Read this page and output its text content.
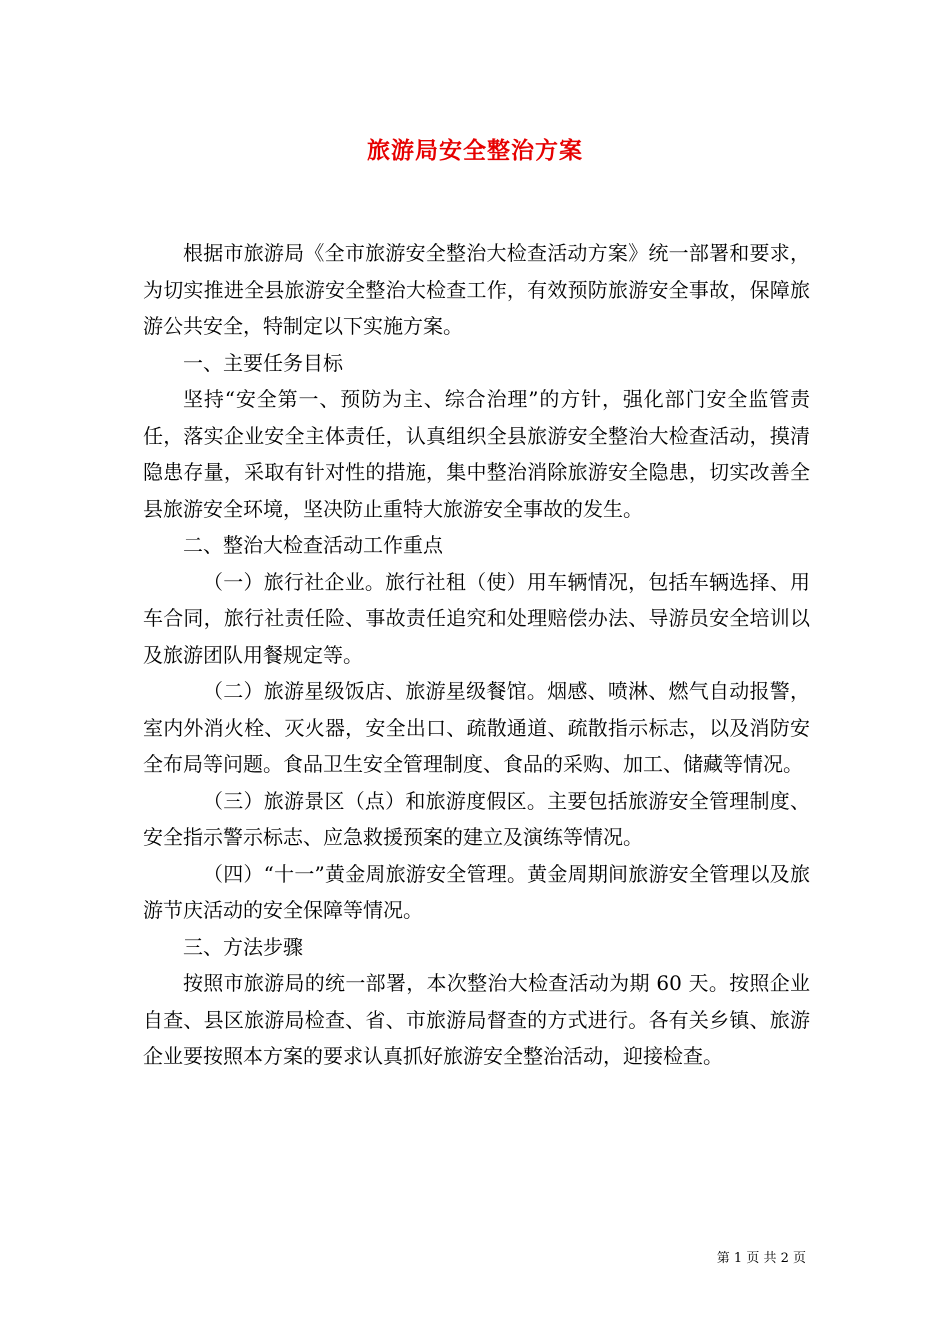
旅游局安全整治方案

根据市旅游局《全市旅游安全整治大检查活动方案》统一部署和要求，为切实推进全县旅游安全整治大检查工作，有效预防旅游安全事故，保障旅游公共安全，特制定以下实施方案。

一、主要任务目标

坚持“安全第一、预防为主、综合治理”的方针，强化部门安全监管责任，落实企业安全主体责任，认真组织全县旅游安全整治大检查活动，摸清隐患存量，采取有针对性的措施，集中整治消除旅游安全隐患，切实改善全县旅游安全环境，坚决防止重特大旅游安全事故的发生。

二、整治大检查活动工作重点

（一）旅行社企业。旅行社租（使）用车辆情况，包括车辆选择、用车合同，旅行社责任险、事故责任追究和处理赔偿办法、导游员安全培训以及旅游团队用餐规定等。

（二）旅游星级饭店、旅游星级餐馆。烟感、喷淋、燃气自动报警，室内外消火栓、灭火器，安全出口、疏散通道、疏散指示标志，以及消防安全布局等问题。食品卫生安全管理制度、食品的采购、加工、储藏等情况。

（三）旅游景区（点）和旅游度假区。主要包括旅游安全管理制度、安全指示警示标志、应急救援预案的建立及演练等情况。

（四）“十一”黄金周旅游安全管理。黄金周期间旅游安全管理以及旅游节庆活动的安全保障等情况。

三、方法步骤

按照市旅游局的统一部署，本次整治大检查活动为期 60 天。按照企业自查、县区旅游局检查、省、市旅游局督查的方式进行。各有关乡镇、旅游企业要按照本方案的要求认真抓好旅游安全整治活动，迎接检查。

第 1 页 共 2 页
